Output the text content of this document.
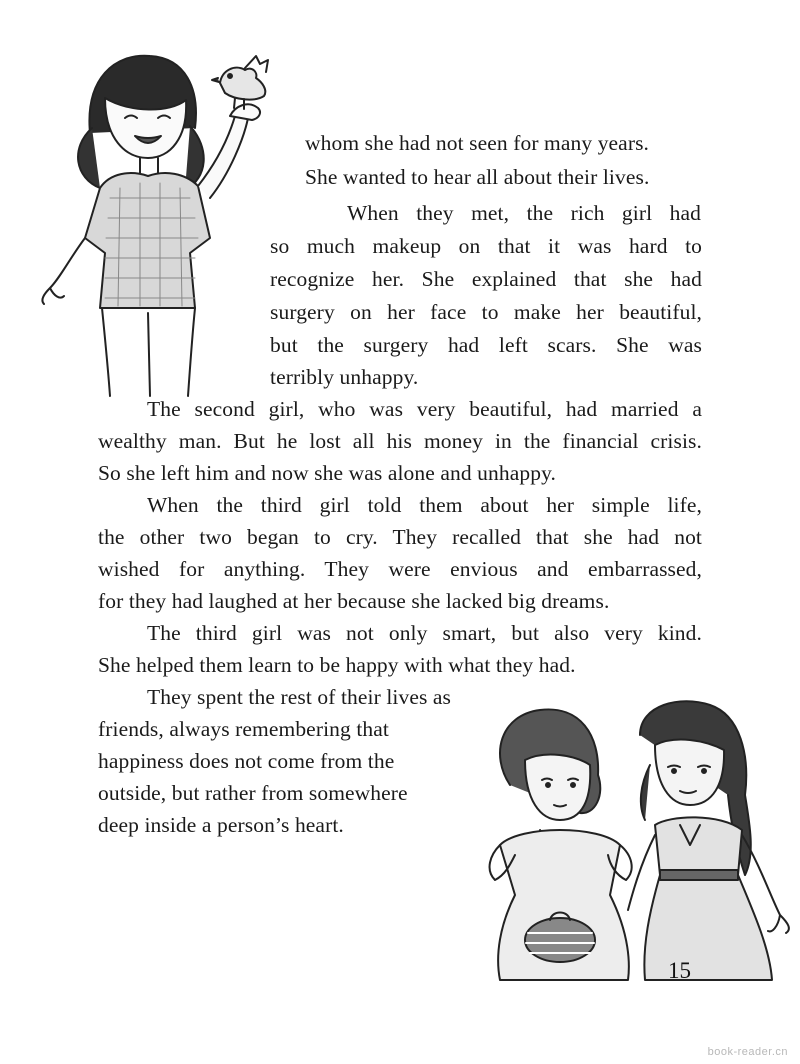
whom she had not seen for many years.
She wanted to hear all about their lives.
When they met, the rich girl had
so much makeup on that it was hard to
recognize her. She explained that she had
surgery on her face to make her beautiful,
but the surgery had left scars. She was
terribly unhappy.
The second girl, who was very beautiful, had married a
wealthy man. But he lost all his money in the financial crisis.
So she left him and now she was alone and unhappy.
When the third girl told them about her simple life,
the other two began to cry. They recalled that she had not
wished for anything. They were envious and embarrassed,
for they had laughed at her because she lacked big dreams.
The third girl was not only smart, but also very kind.
She helped them learn to be happy with what they had.
They spent the rest of their lives as
friends, always remembering that
happiness does not come from the
outside, but rather from somewhere
deep inside a person’s heart.
15
book-reader.cn
